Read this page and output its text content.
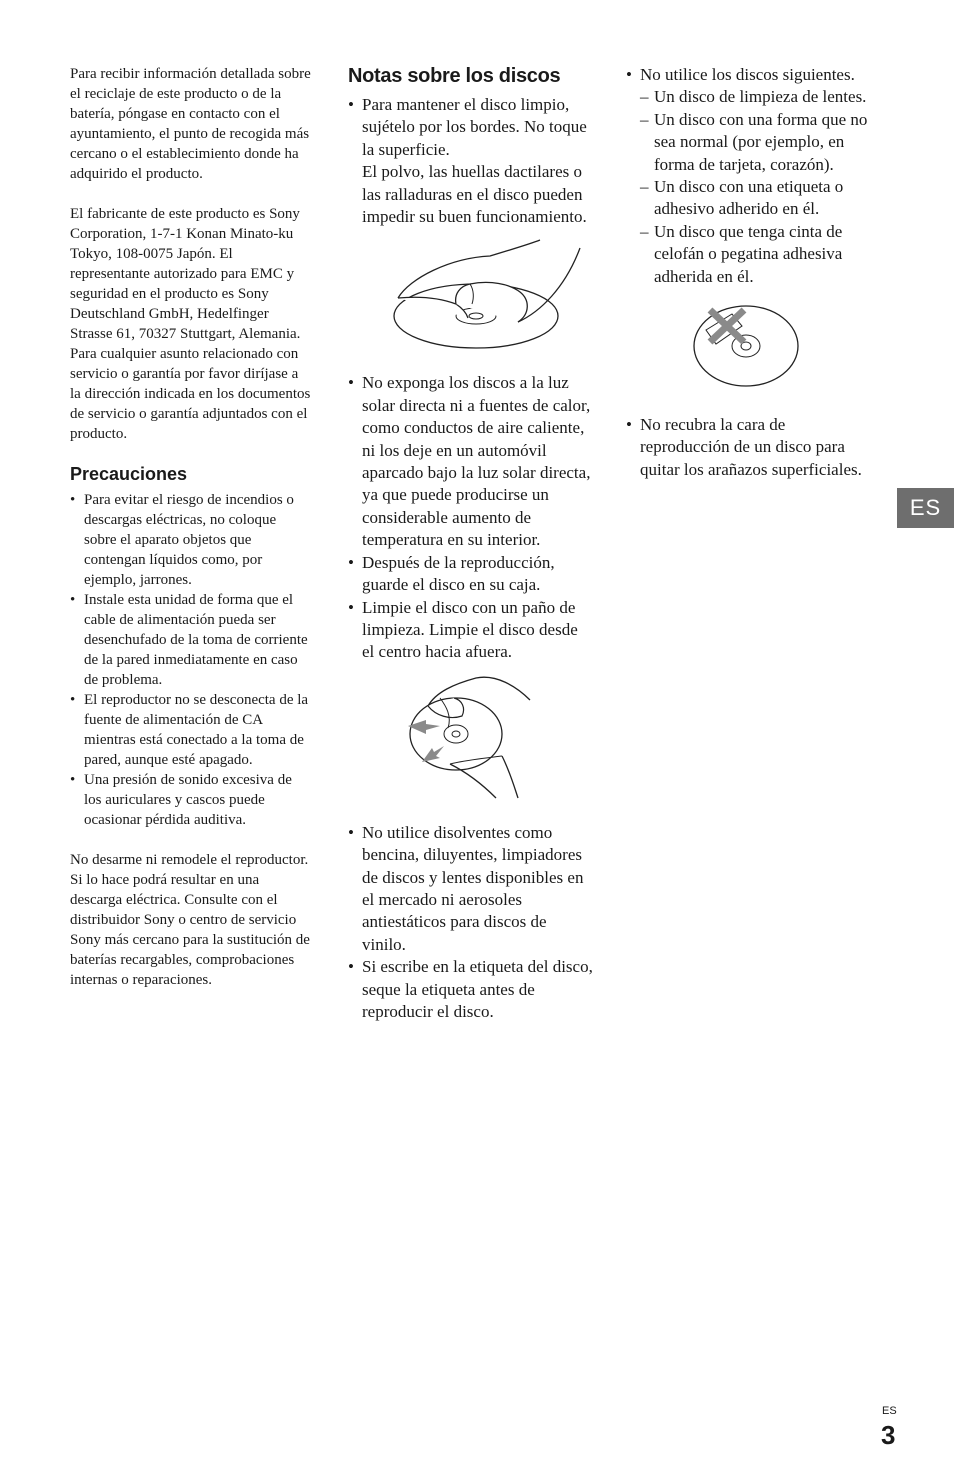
Para recibir información detallada sobre el reciclaje de este producto o de la batería, póngase en contacto con el ayuntamiento, el punto de recogida más cercano o el establecimiento donde ha adquirido el producto.

El fabricante de este producto es Sony Corporation, 1-7-1 Konan Minato-ku Tokyo, 108-0075 Japón. El representante autorizado para EMC y seguridad en el producto es Sony Deutschland GmbH, Hedelfinger Strasse 61, 70327 Stuttgart, Alemania. Para cualquier asunto relacionado con servicio o garantía por favor diríjase a la dirección indicada en los documentos de servicio o garantía adjuntados con el producto.

Precauciones
• Para evitar el riesgo de incendios o descargas eléctricas, no coloque sobre el aparato objetos que contengan líquidos como, por ejemplo, jarrones.
• Instale esta unidad de forma que el cable de alimentación pueda ser desenchufado de la toma de corriente de la pared inmediatamente en caso de problema.
• El reproductor no se desconecta de la fuente de alimentación de CA mientras está conectado a la toma de pared, aunque esté apagado.
• Una presión de sonido excesiva de los auriculares y cascos puede ocasionar pérdida auditiva.

No desarme ni remodele el reproductor. Si lo hace podrá resultar en una descarga eléctrica. Consulte con el distribuidor Sony o centro de servicio Sony más cercano para la sustitución de baterías recargables, comprobaciones internas o reparaciones.

Notas sobre los discos
• Para mantener el disco limpio, sujételo por los bordes. No toque la superficie.
El polvo, las huellas dactilares o las ralladuras en el disco pueden impedir su buen funcionamiento.
• No exponga los discos a la luz solar directa ni a fuentes de calor, como conductos de aire caliente, ni los deje en un automóvil aparcado bajo la luz solar directa, ya que puede producirse un considerable aumento de temperatura en su interior.
• Después de la reproducción, guarde el disco en su caja.
• Limpie el disco con un paño de limpieza. Limpie el disco desde el centro hacia afuera.
• No utilice disolventes como bencina, diluyentes, limpiadores de discos y lentes disponibles en el mercado ni aerosoles antiestáticos para discos de vinilo.
• Si escribe en la etiqueta del disco, seque la etiqueta antes de reproducir el disco.
• No utilice los discos siguientes.
– Un disco de limpieza de lentes.
– Un disco con una forma que no sea normal (por ejemplo, en forma de tarjeta, corazón).
– Un disco con una etiqueta o adhesivo adherido en él.
– Un disco que tenga cinta de celofán o pegatina adhesiva adherida en él.
• No recubra la cara de reproducción de un disco para quitar los arañazos superficiales.
ES
ES
3
